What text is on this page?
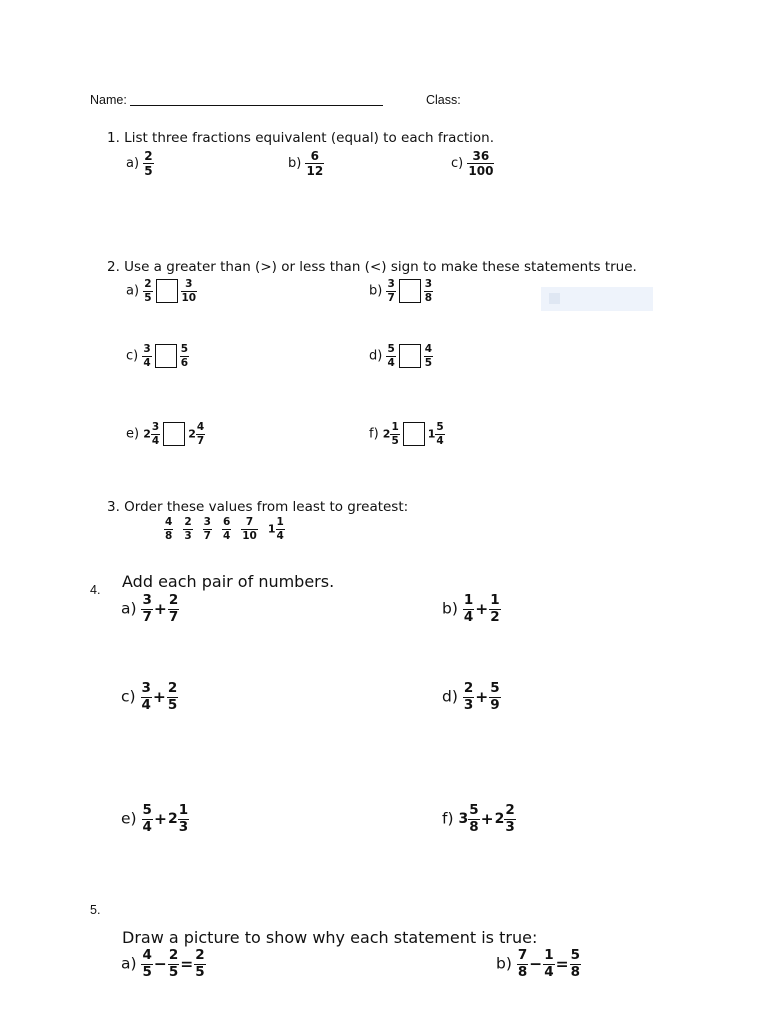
Name:	Class:
1. List three fractions equivalent (equal) to each fraction.
$a) \frac{2}{5}$	$b) \frac{6}{12}$	$c) \frac{36}{100}$
2. Use a greater than (>) or less than (<) sign to make these statements true.
$a) \frac{2}{5}$	$\frac{3}{10}$	$b) \frac{3}{7}$	$\frac{3}{8}$
$c) \frac{3}{4}$	$\frac{5}{6}$	$d) \frac{5}{4}$	$\frac{4}{5}$
e) $2 \frac{3}{4}$	$2 \frac{4}{7}$	f) $2 \frac{1}{5}$	$1 \frac{5}{4}$
3. Order these values from least to greatest:
$\frac{4}{8} \frac{2}{3} \frac{3}{7} \frac{6}{4} \frac{7}{10} 1 \frac{1}{4}$
4. Add each pair of numbers.
$a) \frac{3}{7} + \frac{2}{7}$	$b) \frac{1}{4} + \frac{1}{2}$
$c) \frac{3}{4} + \frac{2}{5}$	$d) \frac{2}{3} + \frac{5}{9}$
$e) \frac{5}{4} +2 \frac{1}{3}$	f) $3 \frac{5}{8} +2 \frac{2}{3}$
5.
Draw a picture to show why each statement is true:
$a) \frac{4}{5} - \frac{2}{5} = \frac{2}{5}$	$b) \frac{7}{8} - \frac{1}{4} = \frac{5}{8}$
